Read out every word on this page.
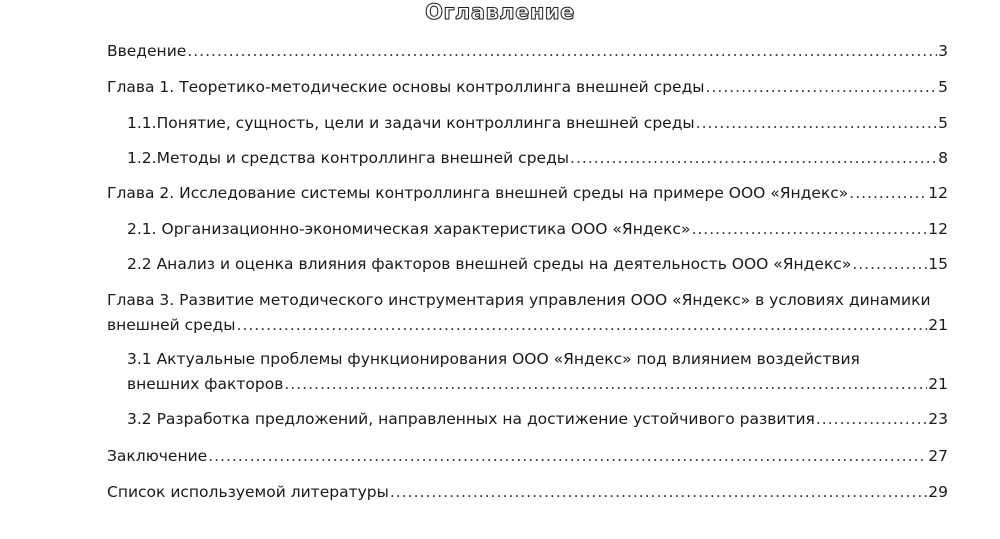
Оглавление
Введение .....	3
Глава 1. Теоретико-методические основы контроллинга внешней среды .....	5
1.1. Понятие, сущность, цели и задачи контроллинга внешней среды .....	5
1.2. Методы и средства контроллинга внешней среды .....	8
Глава 2. Исследование системы контроллинга внешней среды на примере ООО «Яндекс» .....	12
2.1. Организационно-экономическая характеристика ООО «Яндекс» .....	12
2.2 Анализ и оценка влияния факторов внешней среды на деятельность ООО «Яндекс» .....	15
Глава 3. Развитие методического инструментария управления ООО «Яндекс» в условиях динамики
внешней среды .....	21
3.1 Актуальные проблемы функционирования ООО «Яндекс» под влиянием воздействия
внешних факторов .....	21
3.2 Разработка предложений, направленных на достижение устойчивого развития .....	23
Заключение .....	27
Список используемой литературы .....	29
